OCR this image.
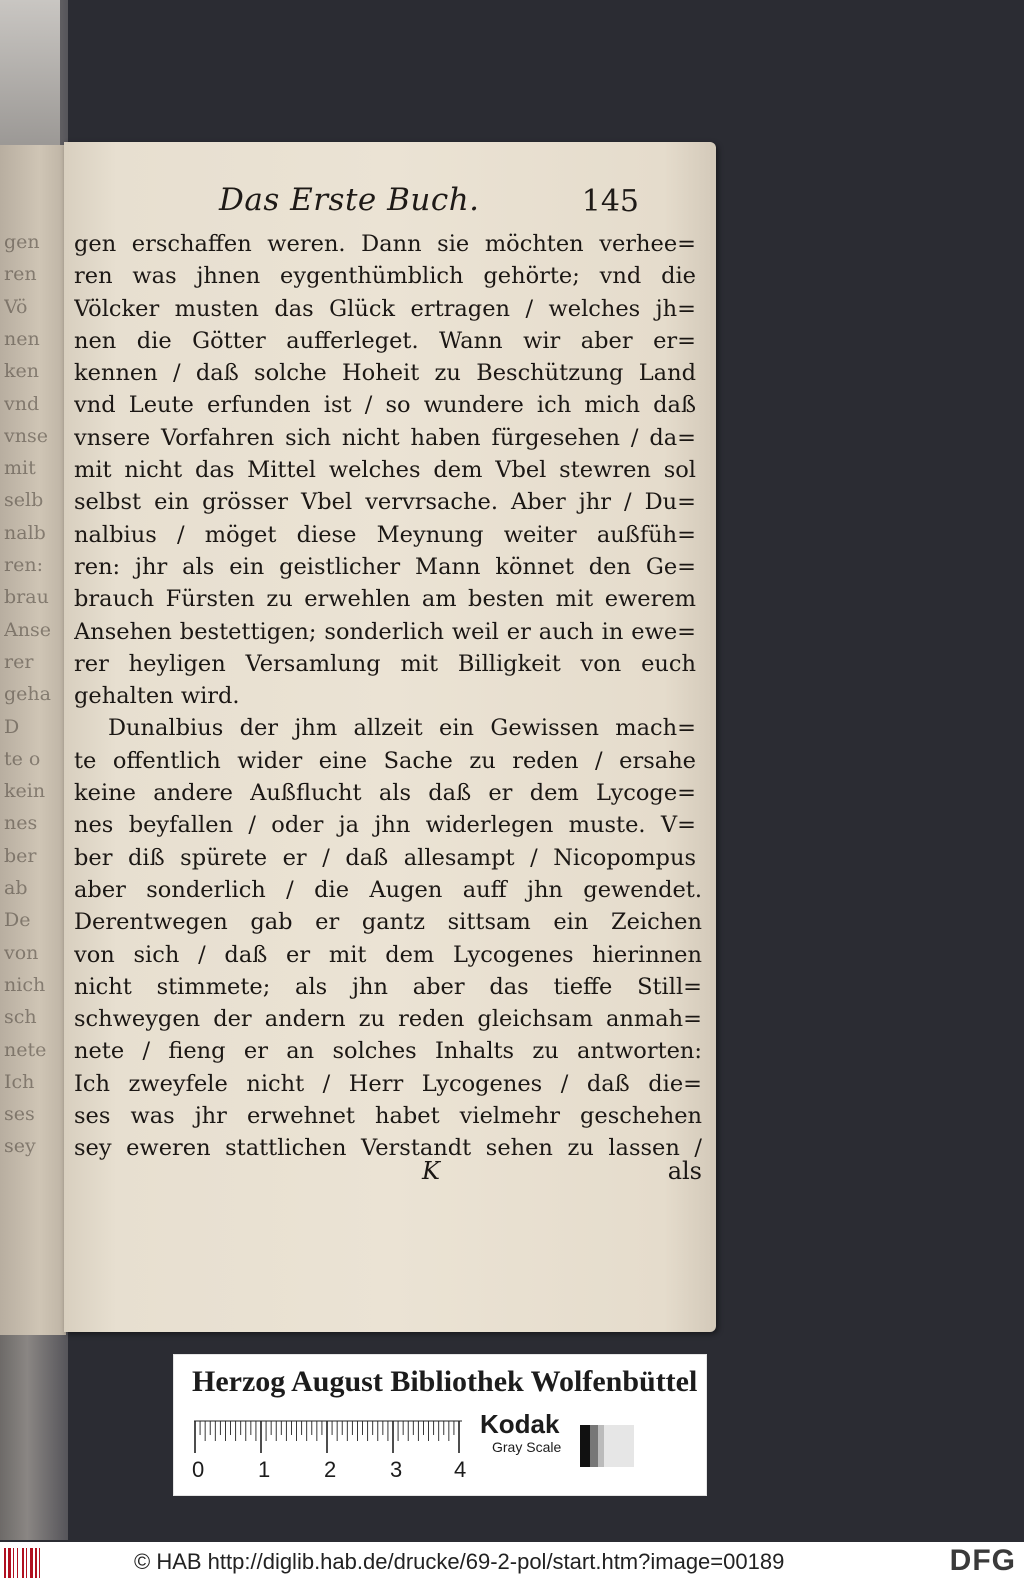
gen
ren
Vö
nen
ken
vnd
vnse
mit
selb
nalb
ren:
brau
Anse
rer
geha
D
te o
kein
nes
ber
ab
De
von
nich
sch
nete
Ich
ses
sey
Das Erste Buch.	145
gen erschaffen weren. Dann sie möchten verhee=
ren was jhnen eygenthümblich gehörte; vnd die
Völcker musten das Glück ertragen / welches jh=
nen die Götter aufferleget. Wann wir aber er=
kennen / daß solche Hoheit zu Beschützung Land
vnd Leute erfunden ist / so wundere ich mich daß
vnsere Vorfahren sich nicht haben fürgesehen / da=
mit nicht das Mittel welches dem Vbel stewren sol
selbst ein grösser Vbel vervrsache. Aber jhr / Du=
nalbius / möget diese Meynung weiter außfüh=
ren: jhr als ein geistlicher Mann könnet den Ge=
brauch Fürsten zu erwehlen am besten mit ewerem
Ansehen bestettigen; sonderlich weil er auch in ewe=
rer heyligen Versamlung mit Billigkeit von euch
gehalten wird.
Dunalbius der jhm allzeit ein Gewissen mach=
te offentlich wider eine Sache zu reden / ersahe
keine andere Außflucht als daß er dem Lycoge=
nes beyfallen / oder ja jhn widerlegen muste. V=
ber diß spürete er / daß allesampt / Nicopompus
aber sonderlich / die Augen auff jhn gewendet.
Derentwegen gab er gantz sittsam ein Zeichen
von sich / daß er mit dem Lycogenes hierinnen
nicht stimmete; als jhn aber das tieffe Still=
schweygen der andern zu reden gleichsam anmah=
nete / fieng er an solches Inhalts zu antworten:
Ich zweyfele nicht / Herr Lycogenes / daß die=
ses was jhr erwehnet habet vielmehr geschehen
sey eweren stattlichen Verstandt sehen zu lassen /
K	als
Herzog August Bibliothek Wolfenbüttel
0 1 2 3 4
Kodak
Gray Scale
© HAB http://diglib.hab.de/drucke/69-2-pol/start.htm?image=00189	DFG
